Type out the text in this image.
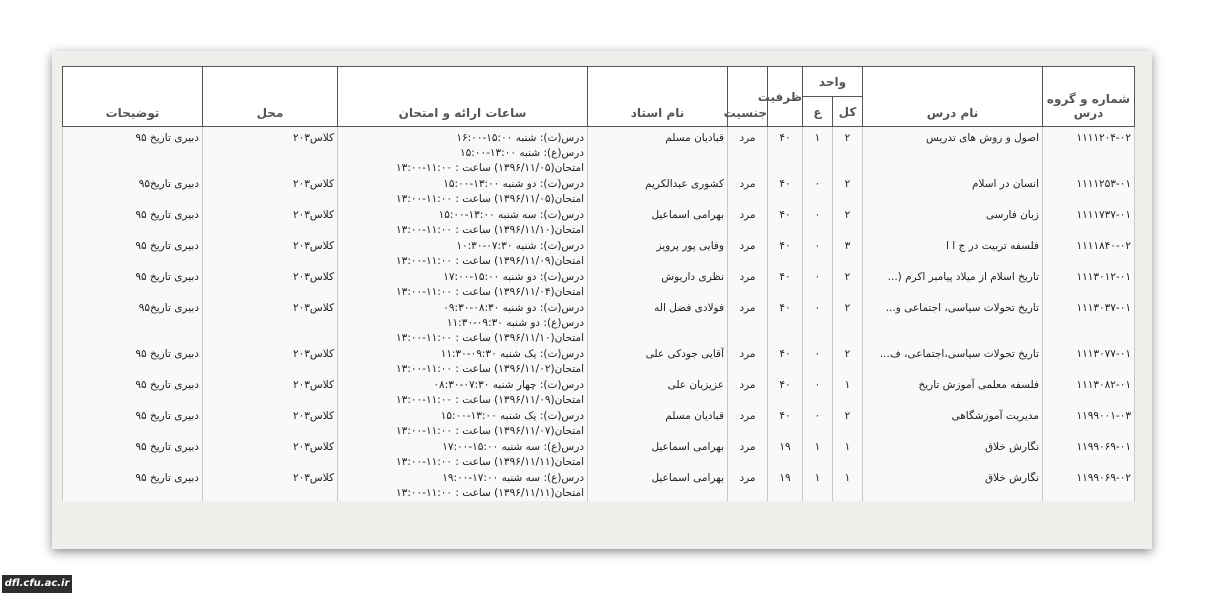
شماره و گروه درس	نام درس	واحد		ظرفیت	جنسیت	نام استاد	ساعات ارائه و امتحان	محل	توضیحات
		کل	ع						

۱۱۱۱۲۰۴-۰۲	اصول و روش های تدریس	۲	۱	۴۰	مرد	قبادیان مسلم	درس(ت): شنبه ۱۵:۰۰-۱۶:۰۰
درس(ع): شنبه ۱۳:۰۰-۱۵:۰۰
امتحان(۱۳۹۶/۱۱/۰۵) ساعت : ۱۱:۰۰-۱۳:۰۰	کلاس۲۰۳	دبیری تاریخ ۹۵
۱۱۱۱۲۵۳-۰۱	انسان در اسلام	۲	۰	۴۰	مرد	کشوری عبدالکریم	درس(ت): دو شنبه ۱۳:۰۰-۱۵:۰۰
امتحان(۱۳۹۶/۱۱/۰۵) ساعت : ۱۱:۰۰-۱۳:۰۰	کلاس۲۰۳	دبیری تاریخ۹۵
۱۱۱۱۷۳۷-۰۱	زبان فارسی	۲	۰	۴۰	مرد	بهرامی اسماعیل	درس(ت): سه شنبه ۱۳:۰۰-۱۵:۰۰
امتحان(۱۳۹۶/۱۱/۱۰) ساعت : ۱۱:۰۰-۱۳:۰۰	کلاس۲۰۳	دبیری تاریخ ۹۵
۱۱۱۱۸۴۰-۰۲	فلسفه تربیت در ج ا ا	۳	۰	۴۰	مرد	وفایی پور پرویز	درس(ت): شنبه ۰۷:۳۰-۱۰:۳۰
امتحان(۱۳۹۶/۱۱/۰۹) ساعت : ۱۱:۰۰-۱۳:۰۰	کلاس۲۰۳	دبیری تاریخ ۹۵
۱۱۱۳۰۱۲-۰۱	تاریخ اسلام از میلاد پیامبر اکرم (...	۲	۰	۴۰	مرد	نظری داریوش	درس(ت): دو شنبه ۱۵:۰۰-۱۷:۰۰
امتحان(۱۳۹۶/۱۱/۰۴) ساعت : ۱۱:۰۰-۱۳:۰۰	کلاس۲۰۳	دبیری تاریخ ۹۵
۱۱۱۳۰۳۷-۰۱	تاریخ تحولات سیاسی، اجتماعی و...	۲	۰	۴۰	مرد	فولادی فضل اله	درس(ت): دو شنبه ۰۸:۳۰-۰۹:۳۰
درس(ع): دو شنبه ۰۹:۳۰-۱۱:۳۰
امتحان(۱۳۹۶/۱۱/۱۰) ساعت : ۱۱:۰۰-۱۳:۰۰	کلاس۲۰۳	دبیری تاریخ۹۵
۱۱۱۳۰۷۷-۰۱	تاریخ تحولات سیاسی،اجتماعی، ف...	۲	۰	۴۰	مرد	آقایی جودکی علی	درس(ت): یک شنبه ۰۹:۳۰-۱۱:۳۰
امتحان(۱۳۹۶/۱۱/۰۲) ساعت : ۱۱:۰۰-۱۳:۰۰	کلاس۲۰۳	دبیری تاریخ ۹۵
۱۱۱۳۰۸۲-۰۱	فلسفه معلمی آموزش تاریخ	۱	۰	۴۰	مرد	عزیزیان علی	درس(ت): چهار شنبه ۰۷:۳۰-۰۸:۳۰
امتحان(۱۳۹۶/۱۱/۰۹) ساعت : ۱۱:۰۰-۱۳:۰۰	کلاس۲۰۳	دبیری تاریخ ۹۵
۱۱۹۹۰۰۱-۰۳	مدیریت آموزشگاهی	۲	۰	۴۰	مرد	قبادیان مسلم	درس(ت): یک شنبه ۱۳:۰۰-۱۵:۰۰
امتحان(۱۳۹۶/۱۱/۰۷) ساعت : ۱۱:۰۰-۱۳:۰۰	کلاس۲۰۳	دبیری تاریخ ۹۵
۱۱۹۹۰۶۹-۰۱	نگارش خلاق	۱	۱	۱۹	مرد	بهرامی اسماعیل	درس(ع): سه شنبه ۱۵:۰۰-۱۷:۰۰
امتحان(۱۳۹۶/۱۱/۱۱) ساعت : ۱۱:۰۰-۱۳:۰۰	کلاس۲۰۳	دبیری تاریخ ۹۵
۱۱۹۹۰۶۹-۰۲	نگارش خلاق	۱	۱	۱۹	مرد	بهرامی اسماعیل	درس(ع): سه شنبه ۱۷:۰۰-۱۹:۰۰
امتحان(۱۳۹۶/۱۱/۱۱) ساعت : ۱۱:۰۰-۱۳:۰۰	کلاس۲۰۳	دبیری تاریخ ۹۵
dfl.cfu.ac.ir
